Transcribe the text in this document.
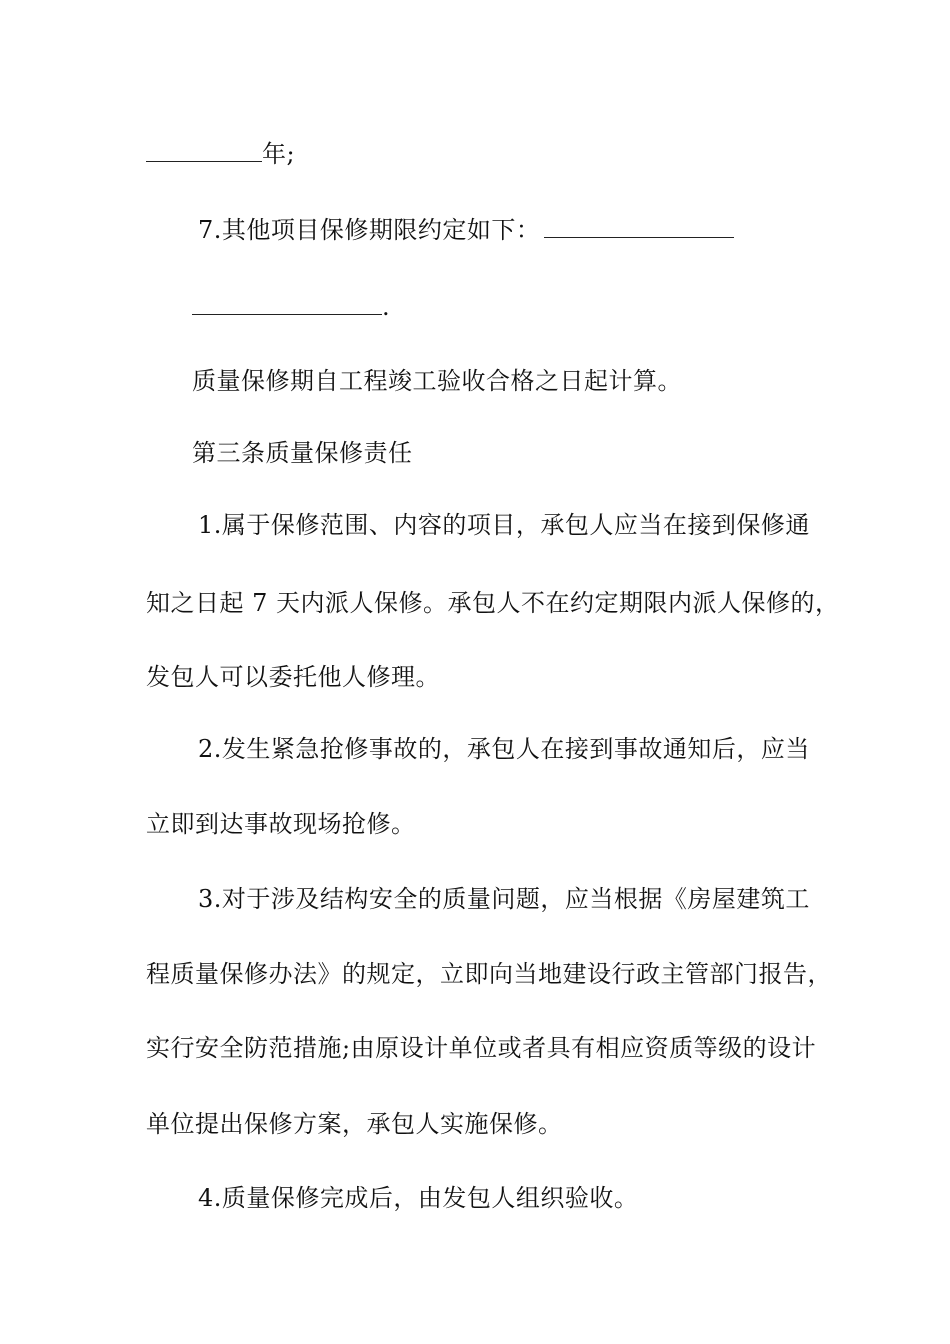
年;
7.其他项目保修期限约定如下：
.
质量保修期自工程竣工验收合格之日起计算。
第三条质量保修责任
1.属于保修范围、内容的项目，承包人应当在接到保修通
知之日起 7 天内派人保修。承包人不在约定期限内派人保修的，
发包人可以委托他人修理。
2.发生紧急抢修事故的，承包人在接到事故通知后，应当
立即到达事故现场抢修。
3.对于涉及结构安全的质量问题，应当根据《房屋建筑工
程质量保修办法》的规定，立即向当地建设行政主管部门报告，
实行安全防范措施;由原设计单位或者具有相应资质等级的设计
单位提出保修方案，承包人实施保修。
4.质量保修完成后，由发包人组织验收。
